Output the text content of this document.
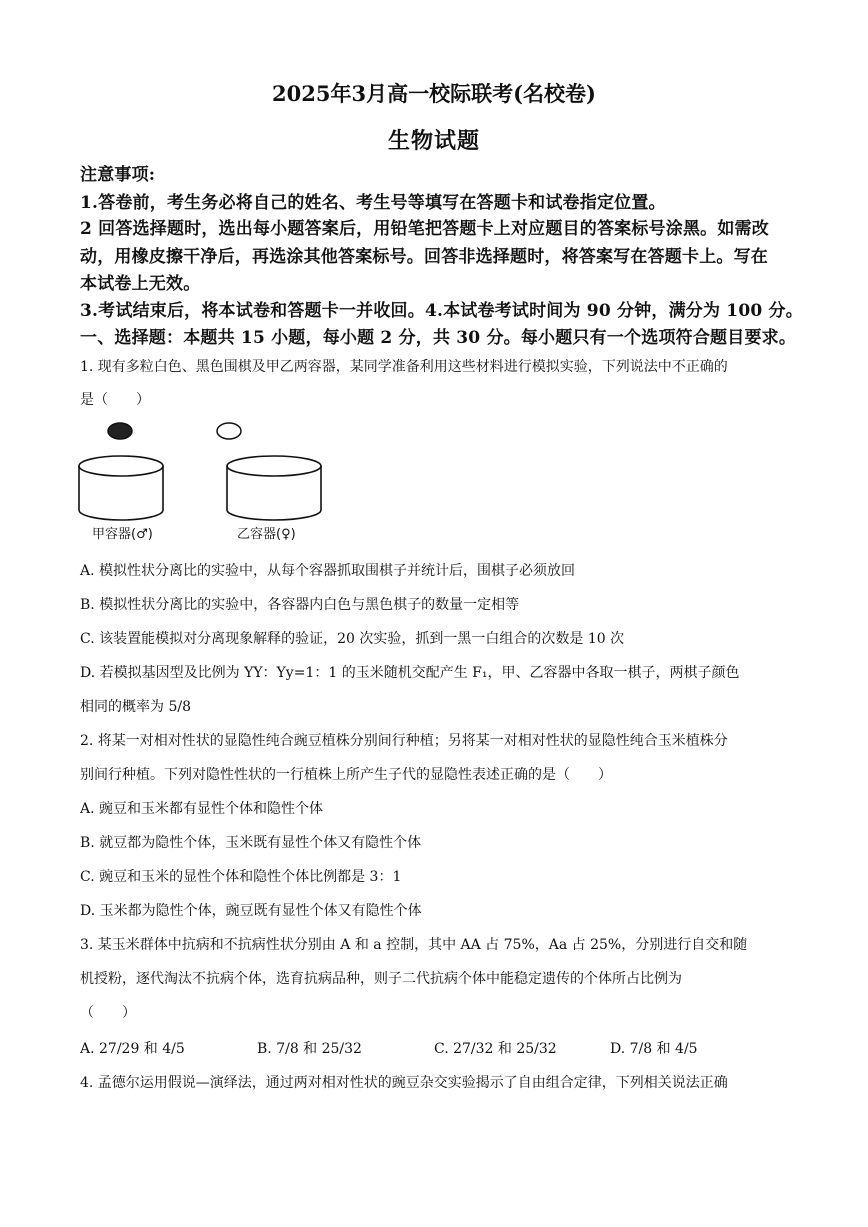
2025年3月高一校际联考(名校卷)
生物试题
注意事项:
1.答卷前，考生务必将自己的姓名、考生号等填写在答题卡和试卷指定位置。
2 回答选择题时，选出每小题答案后，用铅笔把答题卡上对应题目的答案标号涂黑。如需改
动，用橡皮擦干净后，再选涂其他答案标号。回答非选择题时，将答案写在答题卡上。写在
本试卷上无效。
3.考试结束后，将本试卷和答题卡一并收回。4.本试卷考试时间为 90 分钟，满分为 100 分。
一、选择题：本题共 15 小题，每小题 2 分，共 30 分。每小题只有一个选项符合题目要求。
1. 现有多粒白色、黑色围棋及甲乙两容器，某同学准备利用这些材料进行模拟实验，下列说法中不正确的
是（　　）
甲容器(♂)	乙容器(♀)
A. 模拟性状分离比的实验中，从每个容器抓取围棋子并统计后，围棋子必须放回
B. 模拟性状分离比的实验中，各容器内白色与黑色棋子的数量一定相等
C. 该装置能模拟对分离现象解释的验证，20 次实验，抓到一黑一白组合的次数是 10 次
D. 若模拟基因型及比例为 YY：Yy=1：1 的玉米随机交配产生 F₁，甲、乙容器中各取一棋子，两棋子颜色
相同的概率为 5/8
2. 将某一对相对性状的显隐性纯合豌豆植株分别间行种植；另将某一对相对性状的显隐性纯合玉米植株分
别间行种植。下列对隐性性状的一行植株上所产生子代的显隐性表述正确的是（　　）
A. 豌豆和玉米都有显性个体和隐性个体
B. 就豆都为隐性个体，玉米既有显性个体又有隐性个体
C. 豌豆和玉米的显性个体和隐性个体比例都是 3：1
D. 玉米都为隐性个体，豌豆既有显性个体又有隐性个体
3. 某玉米群体中抗病和不抗病性状分别由 A 和 a 控制，其中 AA 占 75%，Aa 占 25%，分别进行自交和随
机授粉，逐代淘汰不抗病个体，选育抗病品种，则子二代抗病个体中能稳定遗传的个体所占比例为
（　　）
A. 27/29 和 4/5	B. 7/8 和 25/32	C. 27/32 和 25/32	D. 7/8 和 4/5
4. 孟德尔运用假说—演绎法，通过两对相对性状的豌豆杂交实验揭示了自由组合定律，下列相关说法正确
